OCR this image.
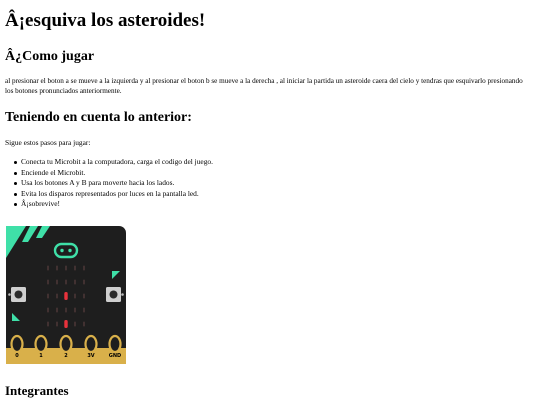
Â¡esquiva los asteroides!
Â¿Como jugar

al presionar el boton a se mueve a la izquierda y al presionar el boton b se mueve a la derecha , al iniciar la partida un asteroide caera del cielo y tendras que esquivarlo presionando los botones pronunciados anteriormente.

Teniendo en cuenta lo anterior:

Sigue estos pasos para jugar:

Conecta tu Microbit a la computadora, carga el codigo del juego.
Enciende el Microbit.
Usa los botones A y B para moverte hacia los lados.
Evita los disparos representados por luces en la pantalla led.
Â¡sobrevive!
0	1	2	3V	GND
Integrantes
